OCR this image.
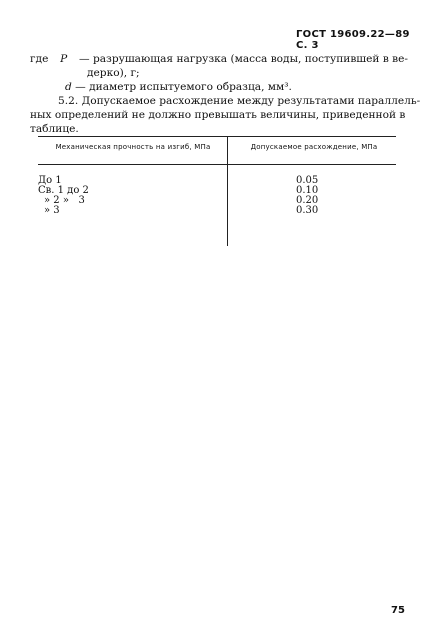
ГОСТ 19609.22—89 С. 3
где P — разрушающая нагрузка (масса воды, поступившей в ве-
дерко), г;
d — диаметр испытуемого образца, мм³.
5.2. Допускаемое расхождение между результатами параллель-
ных определений не должно превышать величины, приведенной в
таблице.
Механическая прочность на изгиб, МПа	Допускаемое расхождение, МПа
До 1	0.05
Св. 1 до 2	0.10
» 2 »   3	0.20
» 3	0.30
75
